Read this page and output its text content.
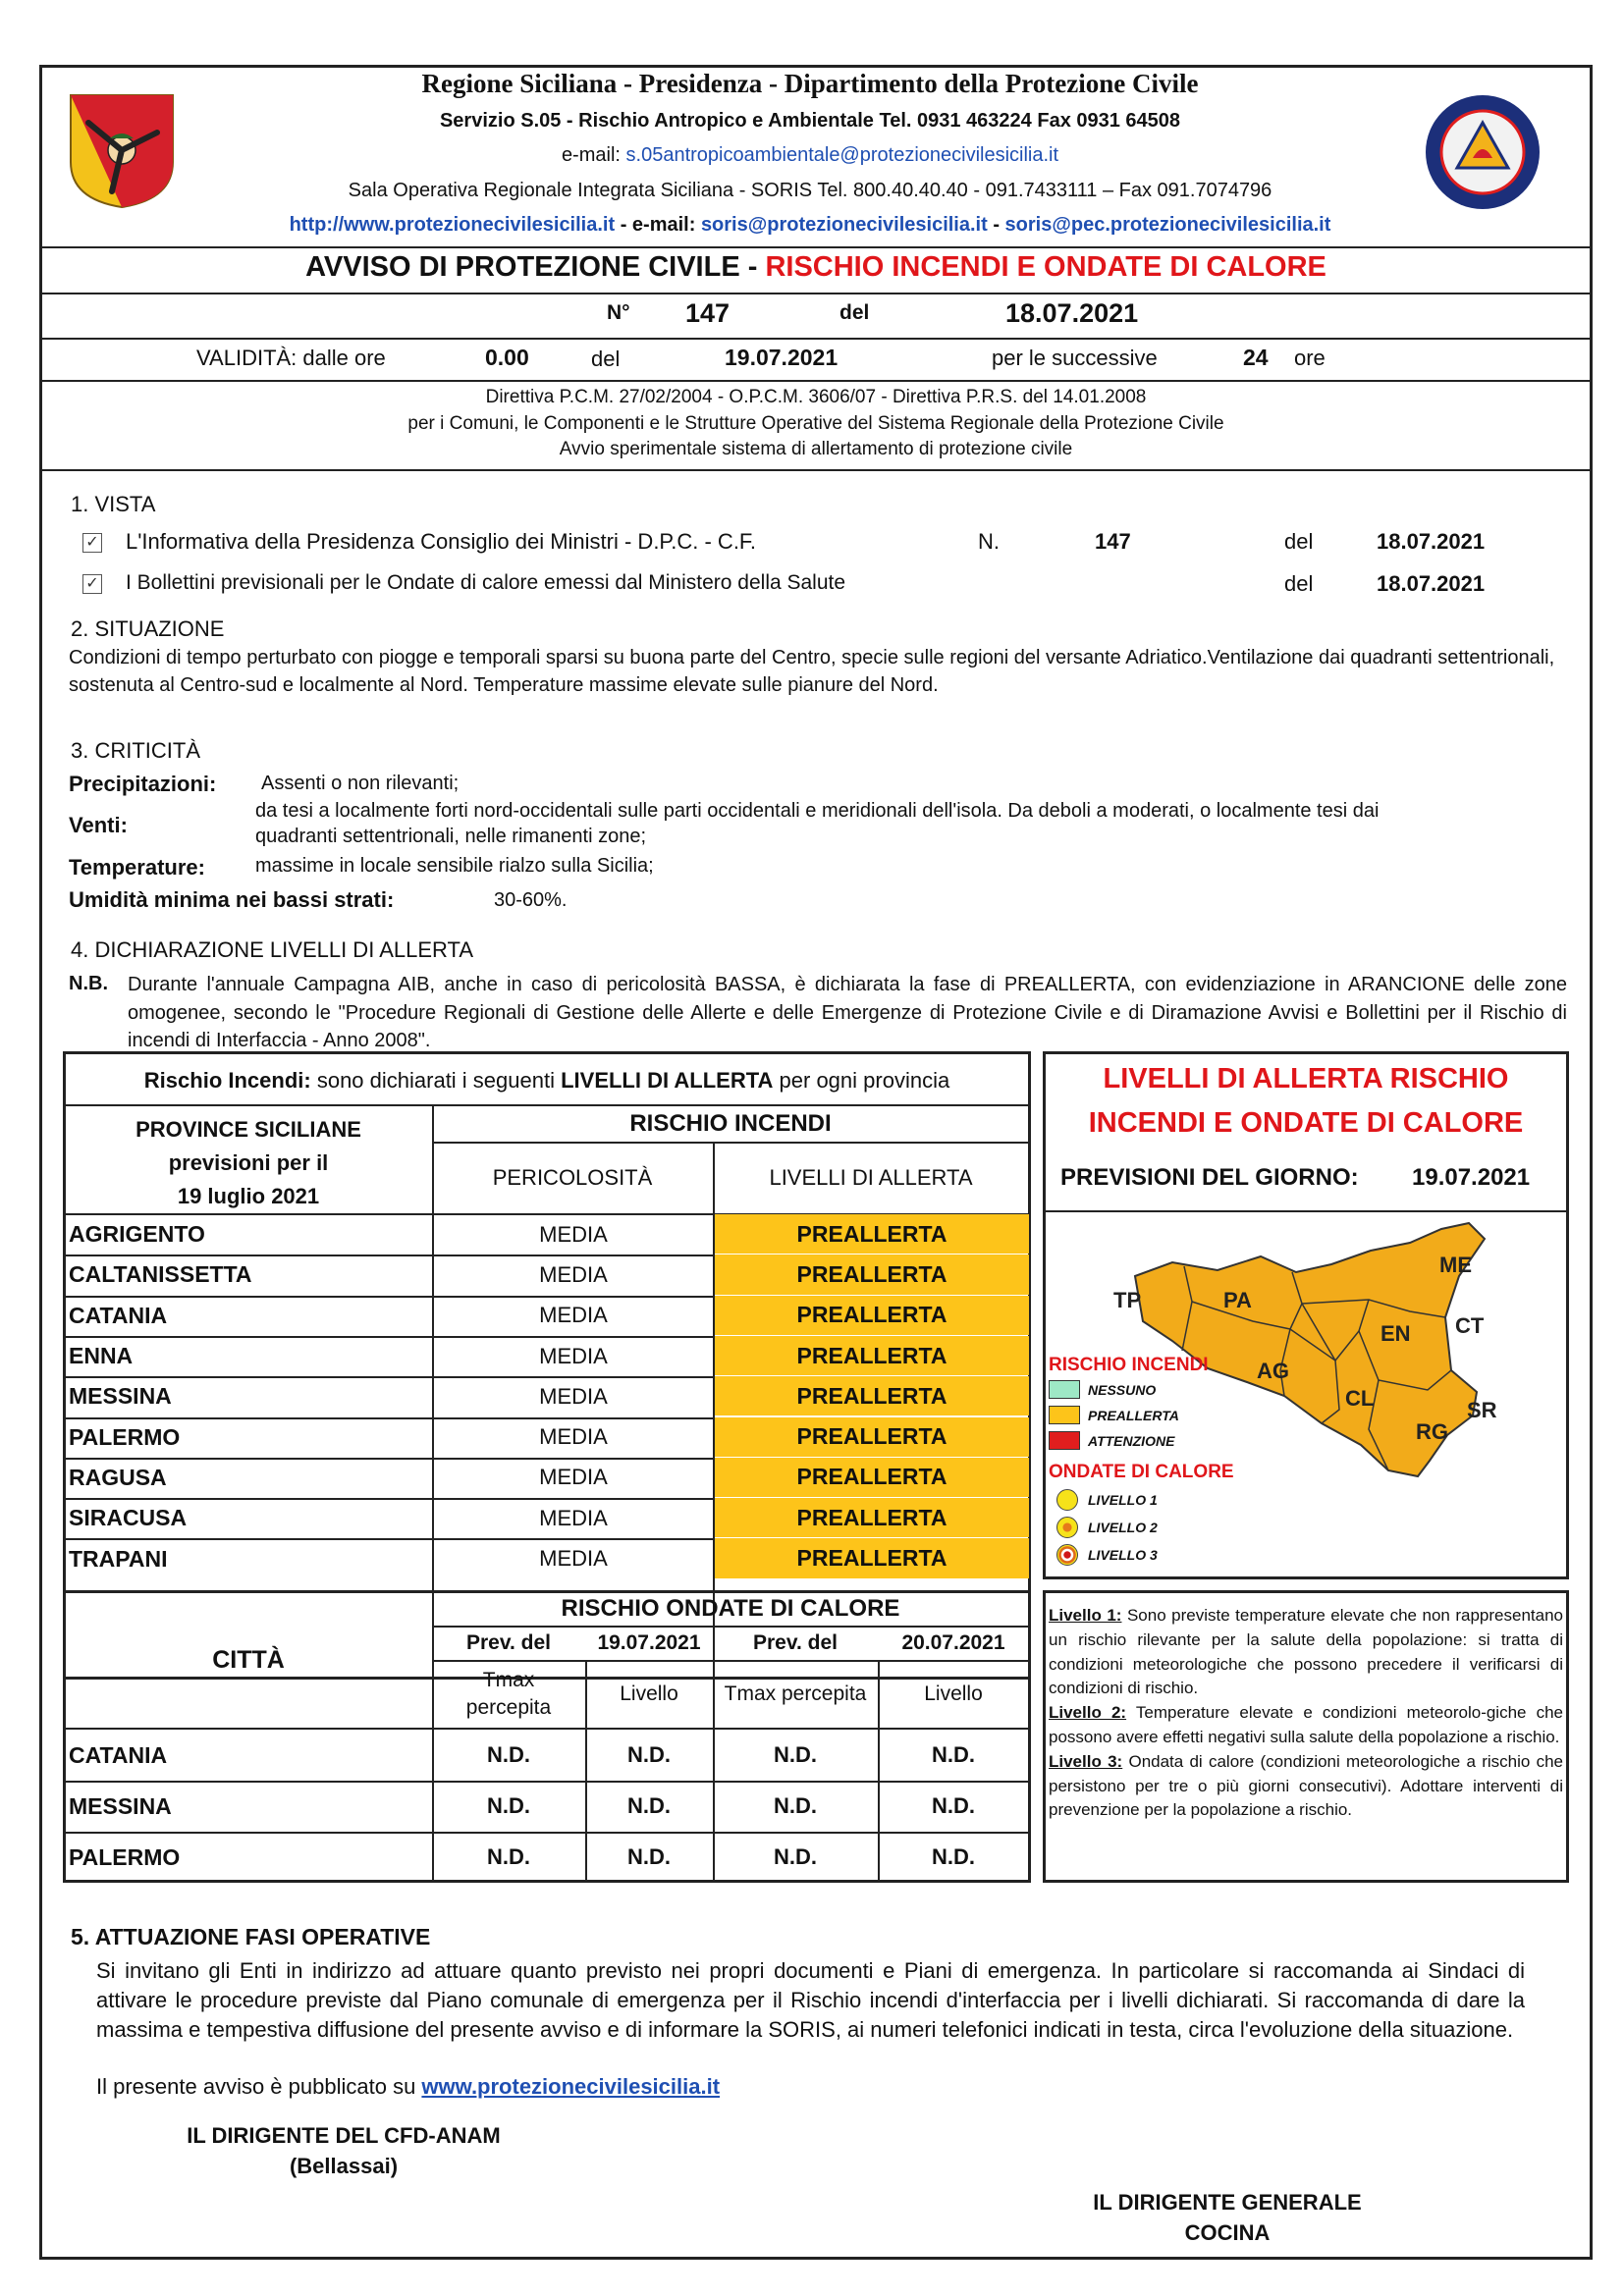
Regione Siciliana - Presidenza - Dipartimento della Protezione Civile
Servizio S.05 - Rischio Antropico e Ambientale Tel. 0931 463224 Fax 0931 64508
e-mail: s.05antropicoambientale@protezionecivilesicilia.it
Sala Operativa Regionale Integrata Siciliana - SORIS Tel. 800.40.40.40 - 091.7433111 – Fax 091.7074796
http://www.protezionecivilesicilia.it - e-mail: soris@protezionecivilesicilia.it - soris@pec.protezionecivilesicilia.it
AVVISO DI PROTEZIONE CIVILE - RISCHIO INCENDI E ONDATE DI CALORE
N° 147	del	18.07.2021
VALIDITÀ: dalle ore	0.00	del	19.07.2021	per le successive	24 ore
Direttiva P.C.M. 27/02/2004 - O.P.C.M. 3606/07 - Direttiva P.R.S. del 14.01.2008
per i Comuni, le Componenti e le Strutture Operative del Sistema Regionale della Protezione Civile
Avvio sperimentale sistema di allertamento di protezione civile
1. VISTA
✓ L'Informativa della Presidenza Consiglio dei Ministri - D.P.C. - C.F.	N.	147	del	18.07.2021
✓ I Bollettini previsionali per le Ondate di calore emessi dal Ministero della Salute	del	18.07.2021
2. SITUAZIONE
Condizioni di tempo perturbato con piogge e temporali sparsi su buona parte del Centro, specie sulle regioni del versante Adriatico.Ventilazione dai quadranti settentrionali, sostenuta al Centro-sud e localmente al Nord. Temperature massime elevate sulle pianure del Nord.
3. CRITICITÀ
Precipitazioni: Assenti o non rilevanti;
Venti:
da tesi a localmente forti nord-occidentali sulle parti occidentali e meridionali dell'isola. Da deboli a moderati, o localmente tesi dai
quadranti settentrionali, nelle rimanenti zone;
Temperature:	massime in locale sensibile rialzo sulla Sicilia;
Umidità minima nei bassi strati:	30-60%.
4. DICHIARAZIONE LIVELLI DI ALLERTA
N.B. Durante l'annuale Campagna AIB, anche in caso di pericolosità BASSA, è dichiarata la fase di PREALLERTA, con evidenziazione in ARANCIONE delle zone omogenee, secondo le "Procedure Regionali di Gestione delle Allerte e delle Emergenze di Protezione Civile e di Diramazione Avvisi e Bollettini per il Rischio di incendi di Interfaccia - Anno 2008".
Rischio Incendi: sono dichiarati i seguenti LIVELLI DI ALLERTA per ogni provincia
PROVINCE SICILIANE
previsioni per il
19 luglio 2021
RISCHIO INCENDI
PERICOLOSITÀ	LIVELLI DI ALLERTA
AGRIGENTO	MEDIA	PREALLERTA
CALTANISSETTA	MEDIA	PREALLERTA
CATANIA	MEDIA	PREALLERTA
ENNA	MEDIA	PREALLERTA
MESSINA	MEDIA	PREALLERTA
PALERMO	MEDIA	PREALLERTA
RAGUSA	MEDIA	PREALLERTA
SIRACUSA	MEDIA	PREALLERTA
TRAPANI	MEDIA	PREALLERTA
LIVELLI DI ALLERTA RISCHIO
INCENDI E ONDATE DI CALORE
PREVISIONI DEL GIORNO: 19.07.2021
TP	PA
ME
EN CT
AG
CL	SR
RG
RISCHIO INCENDI
NESSUNO
PREALLERTA
ATTENZIONE
ONDATE DI CALORE
LIVELLO 1
LIVELLO 2
LIVELLO 3
CITTÀ
RISCHIO ONDATE DI CALORE
Prev. del	19.07.2021	Prev. del	20.07.2021
Tmax percepita
Livello	Tmax percepita	Livello
CATANIA	N.D.	N.D.	N.D.	N.D.
MESSINA	N.D.	N.D.	N.D.	N.D.
PALERMO	N.D.	N.D.	N.D.	N.D.
Livello 1: Sono previste temperature elevate che non rappresentano un rischio rilevante per la salute della popolazione: si tratta di condizioni meteorologiche che possono precedere il verificarsi di condizioni di rischio.
Livello 2: Temperature elevate e condizioni meteorolo-giche che possono avere effetti negativi sulla salute della popolazione a rischio.
Livello 3: Ondata di calore (condizioni meteorologiche a rischio che persistono per tre o più giorni consecutivi). Adottare interventi di prevenzione per la popolazione a rischio.
5. ATTUAZIONE FASI OPERATIVE
Si invitano gli Enti in indirizzo ad attuare quanto previsto nei propri documenti e Piani di emergenza. In particolare si raccomanda ai Sindaci di attivare le procedure previste dal Piano comunale di emergenza per il Rischio incendi d'interfaccia per i livelli dichiarati. Si raccomanda di dare la massima e tempestiva diffusione del presente avviso e di informare la SORIS, ai numeri telefonici indicati in testa, circa l'evoluzione della situazione.
Il presente avviso è pubblicato su www.protezionecivilesicilia.it
IL DIRIGENTE DEL CFD-ANAM
(Bellassai)
IL DIRIGENTE GENERALE
COCINA
